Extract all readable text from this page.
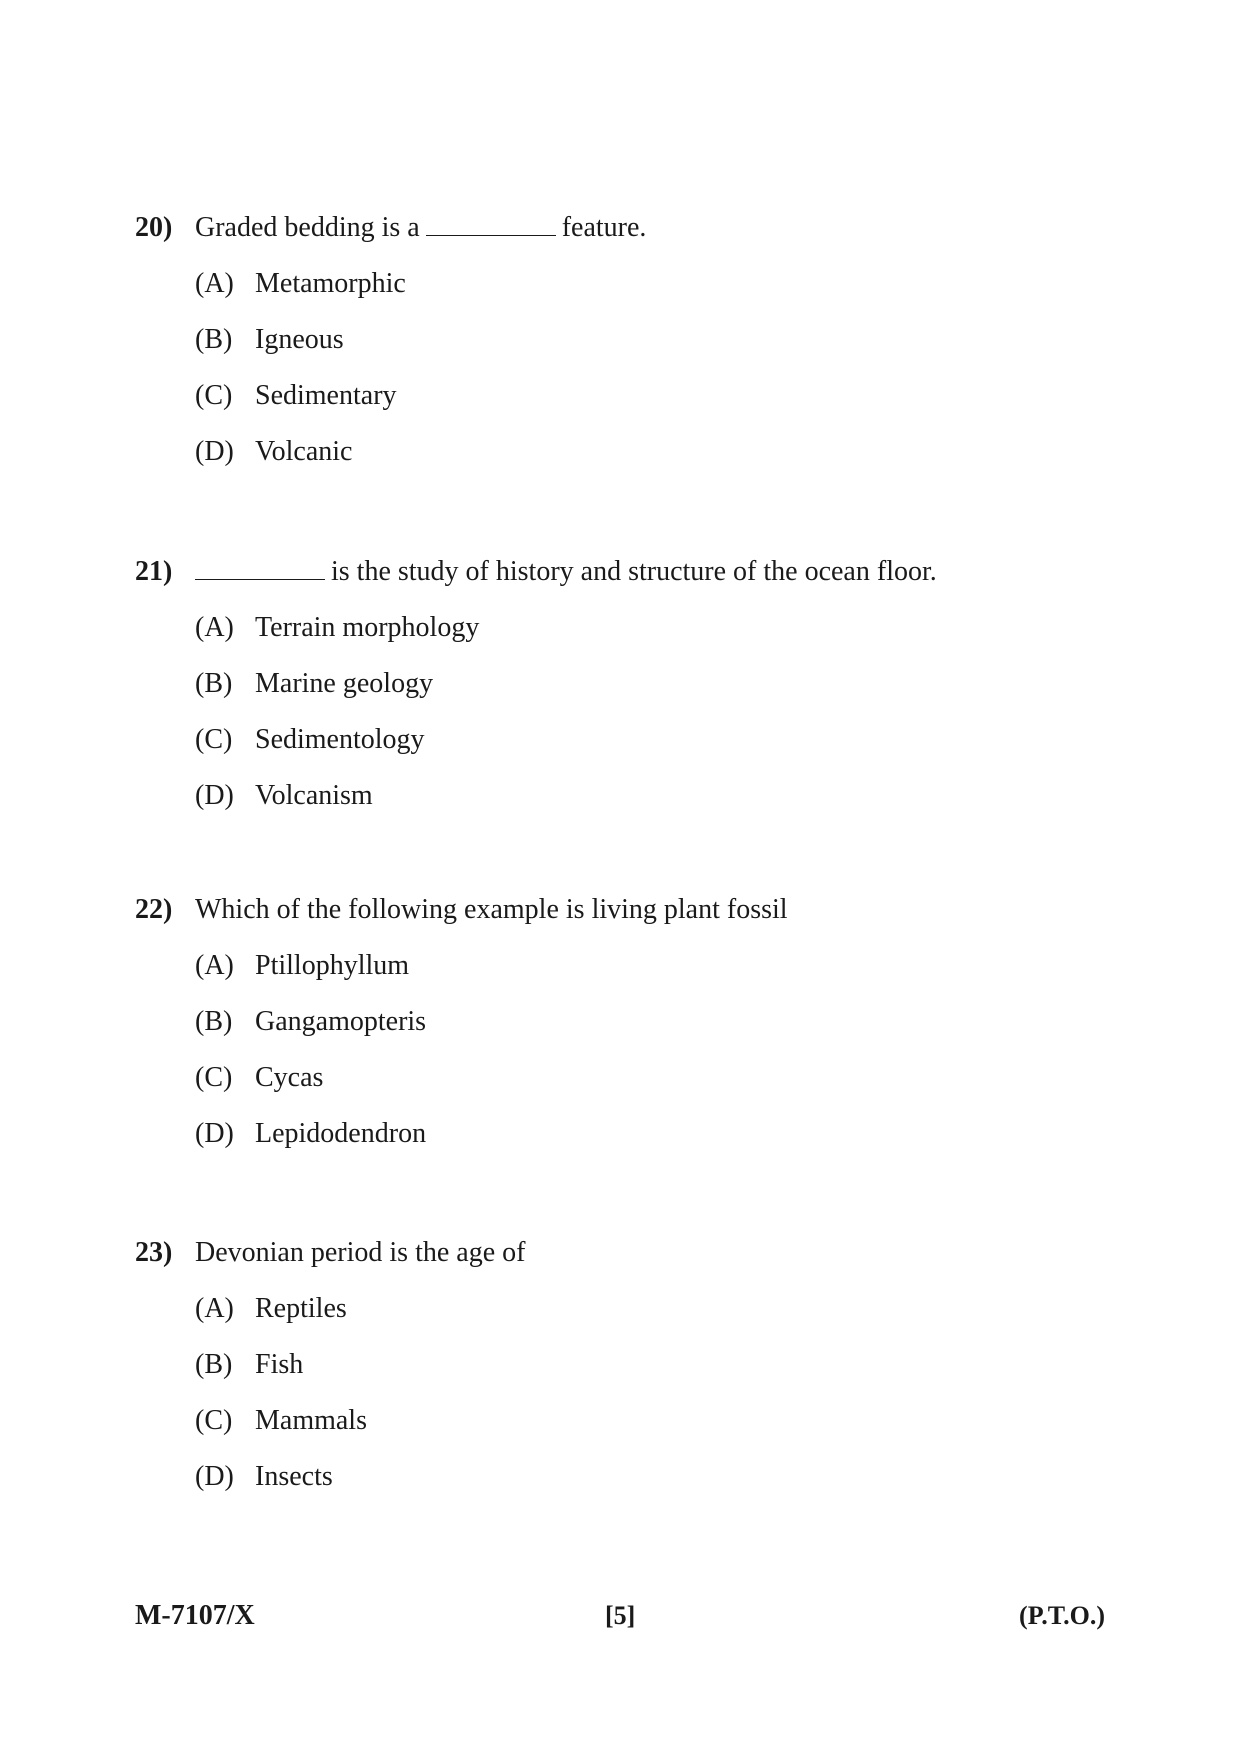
20) Graded bedding is a	feature.
(A) Metamorphic
(B) Igneous
(C) Sedimentary
(D) Volcanic
21)	is the study of history and structure of the ocean floor.
(A) Terrain morphology
(B) Marine geology
(C) Sedimentology
(D) Volcanism
22) Which of the following example is living plant fossil
(A) Ptillophyllum
(B) Gangamopteris
(C) Cycas
(D) Lepidodendron
23) Devonian period is the age of
(A) Reptiles
(B) Fish
(C) Mammals
(D) Insects
M-7107/X	[5]	(P.T.O.)
